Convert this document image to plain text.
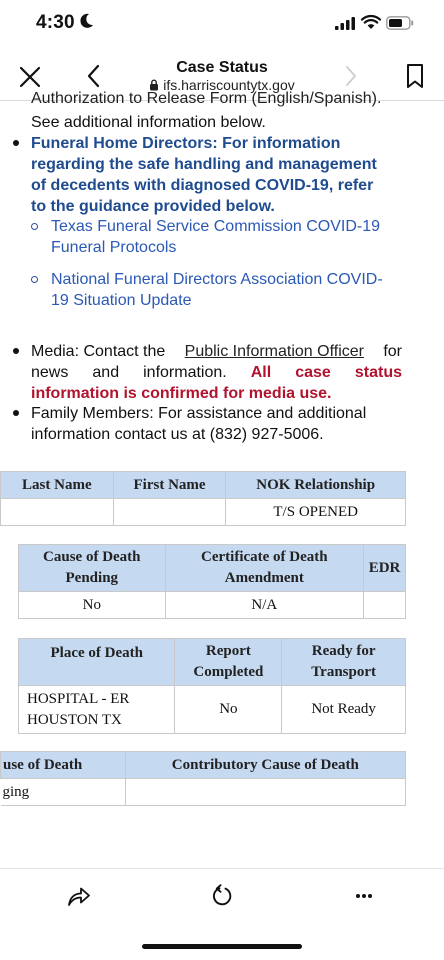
4:30
Case Status
ifs.harriscountytx.gov
Authorization to Release Form (English/Spanish).
See additional information below.
Funeral Home Directors: For information
regarding the safe handling and management
of decedents with diagnosed COVID-19, refer
to the guidance provided below.
Texas Funeral Service Commission COVID-19
Funeral Protocols
National Funeral Directors Association COVID-
19 Situation Update
Media: Contact the Public Information Officer for
news and information. All case status
information is confirmed for media use.
Family Members: For assistance and additional
information contact us at (832) 927-5006.
Last Name	First Name	NOK Relationship
		T/S OPENED
Cause of Death Pending	Certificate of Death Amendment	EDR
No	N/A	
Place of Death	Report Completed	Ready for Transport

HOSPITAL - ER
HOUSTON TX	No	Not Ready
use of Death	Contributory Cause of Death
ging	
